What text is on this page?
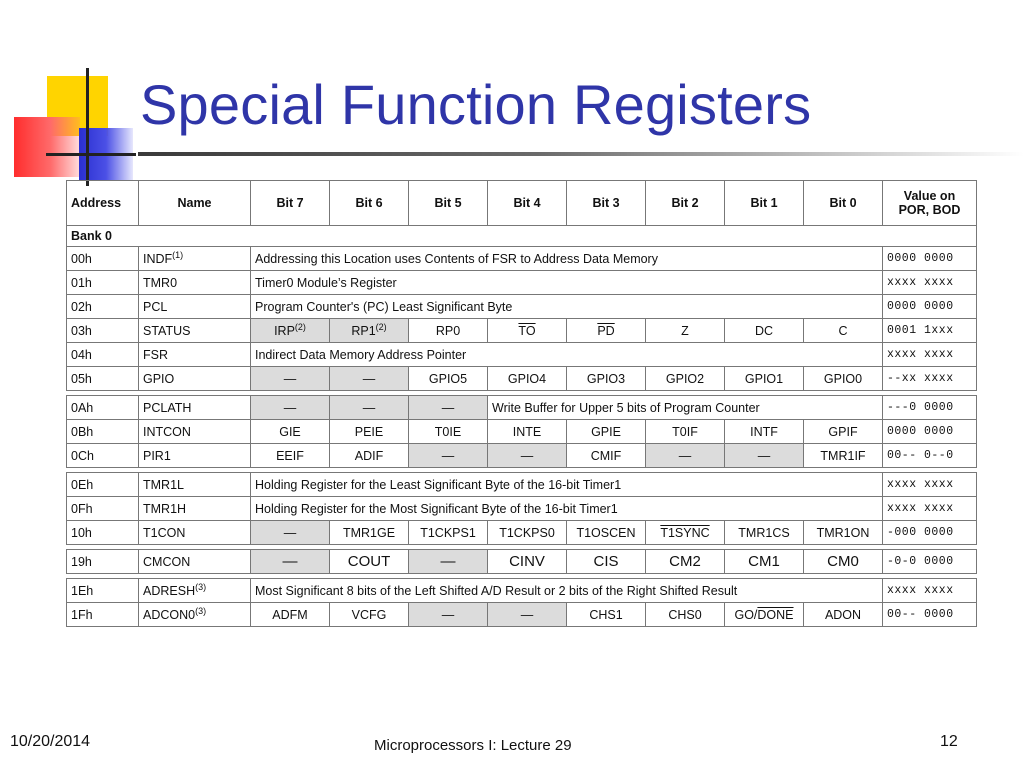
Special Function Registers
Address	Name	Bit 7	Bit 6	Bit 5	Bit 4	Bit 3	Bit 2	Bit 1	Bit 0	Value on
POR, BOD

Bank 0										
00h	INDF$^{(1)}$	Addressing this Location uses Contents of FSR to Address Data Memory								0000 0000
01h	TMR0	Timer0 Module’s Register								xxxx xxxx
02h	PCL	Program Counter's (PC) Least Significant Byte								0000 0000
03h	STATUS	IRP$^{(2)}$	RP1$^{(2)}$	RP0	$\overline{TO}$	$\overline{PD}$	Z	DC	C	0001 1xxx
04h	FSR	Indirect Data Memory Address Pointer								xxxx xxxx
05h	GPIO	—	—	GPIO5	GPIO4	GPIO3	GPIO2	GPIO1	GPIO0	--xx xxxx

0Ah	PCLATH	—	—	—	Write Buffer for Upper 5 bits of Program Counter					---0 0000
0Bh	INTCON	GIE	PEIE	T0IE	INTE	GPIE	T0IF	INTF	GPIF	0000 0000
0Ch	PIR1	EEIF	ADIF	—	—	CMIF	—	—	TMR1IF	00-- 0--0

0Eh	TMR1L	Holding Register for the Least Significant Byte of the 16-bit Timer1								xxxx xxxx
0Fh	TMR1H	Holding Register for the Most Significant Byte of the 16-bit Timer1								xxxx xxxx
10h	T1CON	—	TMR1GE	T1CKPS1	T1CKPS0	T1OSCEN	T1SYNC	TMR1CS	TMR1ON	-000 0000

19h	CMCON	—	COUT	—	CINV	CIS	CM2	CM1	CM0	-0-0 0000

1Eh	ADRESH$^{(3)}$	Most Significant 8 bits of the Left Shifted A/D Result or 2 bits of the Right Shifted Result								xxxx xxxx
1Fh	ADCON0$^{(3)}$	ADFM	VCFG	—	—	CHS1	CHS0	GO/DONE	ADON	00-- 0000
10/20/2014	Microprocessors I: Lecture 29	12
